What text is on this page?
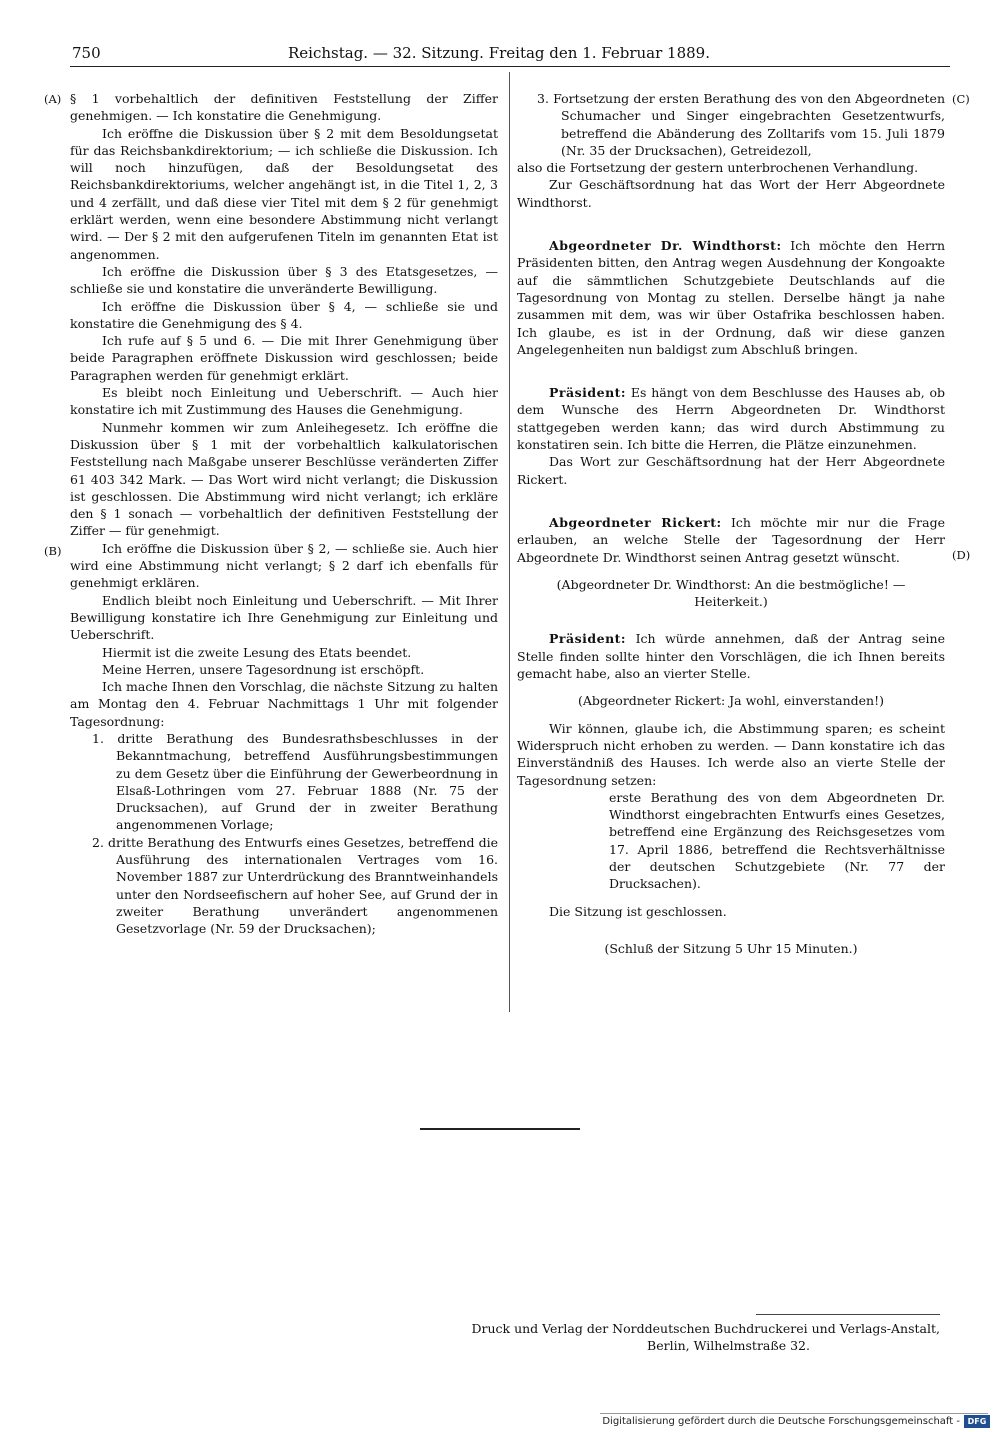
750	Reichstag. — 32. Sitzung. Freitag den 1. Februar 1889.
(A)
(B)
(C)
(D)

§ 1 vorbehaltlich der definitiven Feststellung der Ziffer genehmigen. — Ich konstatire die Genehmigung.

Ich eröffne die Diskussion über § 2 mit dem Besoldungsetat für das Reichsbankdirektorium; — ich schließe die Diskussion. Ich will noch hinzufügen, daß der Besoldungsetat des Reichsbankdirektoriums, welcher angehängt ist, in die Titel 1, 2, 3 und 4 zerfällt, und daß diese vier Titel mit dem § 2 für genehmigt erklärt werden, wenn eine besondere Abstimmung nicht verlangt wird. — Der § 2 mit den aufgerufenen Titeln im genannten Etat ist angenommen.

Ich eröffne die Diskussion über § 3 des Etatsgesetzes, — schließe sie und konstatire die unveränderte Bewilligung.

Ich eröffne die Diskussion über § 4, — schließe sie und konstatire die Genehmigung des § 4.

Ich rufe auf § 5 und 6. — Die mit Ihrer Genehmigung über beide Paragraphen eröffnete Diskussion wird geschlossen; beide Paragraphen werden für genehmigt erklärt.

Es bleibt noch Einleitung und Ueberschrift. — Auch hier konstatire ich mit Zustimmung des Hauses die Genehmigung.

Nunmehr kommen wir zum Anleihegesetz. Ich eröffne die Diskussion über § 1 mit der vorbehaltlich kalkulatorischen Feststellung nach Maßgabe unserer Beschlüsse veränderten Ziffer 61 403 342 Mark. — Das Wort wird nicht verlangt; die Diskussion ist geschlossen. Die Abstimmung wird nicht verlangt; ich erkläre den § 1 sonach — vorbehaltlich der definitiven Feststellung der Ziffer — für genehmigt.

Ich eröffne die Diskussion über § 2, — schließe sie. Auch hier wird eine Abstimmung nicht verlangt; § 2 darf ich ebenfalls für genehmigt erklären.

Endlich bleibt noch Einleitung und Ueberschrift. — Mit Ihrer Bewilligung konstatire ich Ihre Genehmigung zur Einleitung und Ueberschrift.

Hiermit ist die zweite Lesung des Etats beendet.

Meine Herren, unsere Tagesordnung ist erschöpft.

Ich mache Ihnen den Vorschlag, die nächste Sitzung zu halten am Montag den 4. Februar Nachmittags 1 Uhr mit folgender Tagesordnung:

1. dritte Berathung des Bundesrathsbeschlusses in der Bekanntmachung, betreffend Ausführungsbestimmungen zu dem Gesetz über die Einführung der Gewerbeordnung in Elsaß-Lothringen vom 27. Februar 1888 (Nr. 75 der Drucksachen), auf Grund der in zweiter Berathung angenommenen Vorlage;

2. dritte Berathung des Entwurfs eines Gesetzes, betreffend die Ausführung des internationalen Vertrages vom 16. November 1887 zur Unterdrückung des Branntweinhandels unter den Nordseefischern auf hoher See, auf Grund der in zweiter Berathung unverändert angenommenen Gesetzvorlage (Nr. 59 der Drucksachen);

3. Fortsetzung der ersten Berathung des von den Abgeordneten Schumacher und Singer eingebrachten Gesetzentwurfs, betreffend die Abänderung des Zolltarifs vom 15. Juli 1879 (Nr. 35 der Drucksachen), Getreidezoll,

also die Fortsetzung der gestern unterbrochenen Verhandlung.

Zur Geschäftsordnung hat das Wort der Herr Abgeordnete Windthorst.

Abgeordneter Dr. Windthorst: Ich möchte den Herrn Präsidenten bitten, den Antrag wegen Ausdehnung der Kongoakte auf die sämmtlichen Schutzgebiete Deutschlands auf die Tagesordnung von Montag zu stellen. Derselbe hängt ja nahe zusammen mit dem, was wir über Ostafrika beschlossen haben. Ich glaube, es ist in der Ordnung, daß wir diese ganzen Angelegenheiten nun baldigst zum Abschluß bringen.

Präsident: Es hängt von dem Beschlusse des Hauses ab, ob dem Wunsche des Herrn Abgeordneten Dr. Windthorst stattgegeben werden kann; das wird durch Abstimmung zu konstatiren sein. Ich bitte die Herren, die Plätze einzunehmen.

Das Wort zur Geschäftsordnung hat der Herr Abgeordnete Rickert.

Abgeordneter Rickert: Ich möchte mir nur die Frage erlauben, an welche Stelle der Tagesordnung der Herr Abgeordnete Dr. Windthorst seinen Antrag gesetzt wünscht.

(Abgeordneter Dr. Windthorst: An die bestmögliche! — Heiterkeit.)

Präsident: Ich würde annehmen, daß der Antrag seine Stelle finden sollte hinter den Vorschlägen, die ich Ihnen bereits gemacht habe, also an vierter Stelle.

(Abgeordneter Rickert: Ja wohl, einverstanden!)

Wir können, glaube ich, die Abstimmung sparen; es scheint Widerspruch nicht erhoben zu werden. — Dann konstatire ich das Einverständniß des Hauses. Ich werde also an vierte Stelle der Tagesordnung setzen:

erste Berathung des von dem Abgeordneten Dr. Windthorst eingebrachten Entwurfs eines Gesetzes, betreffend eine Ergänzung des Reichsgesetzes vom 17. April 1886, betreffend die Rechtsverhältnisse der deutschen Schutzgebiete (Nr. 77 der Drucksachen).

Die Sitzung ist geschlossen.

(Schluß der Sitzung 5 Uhr 15 Minuten.)

Druck und Verlag der Norddeutschen Buchdruckerei und Verlags-Anstalt,
Berlin, Wilhelmstraße 32.
Digitalisierung gefördert durch die Deutsche Forschungsgemeinschaft - DFG
